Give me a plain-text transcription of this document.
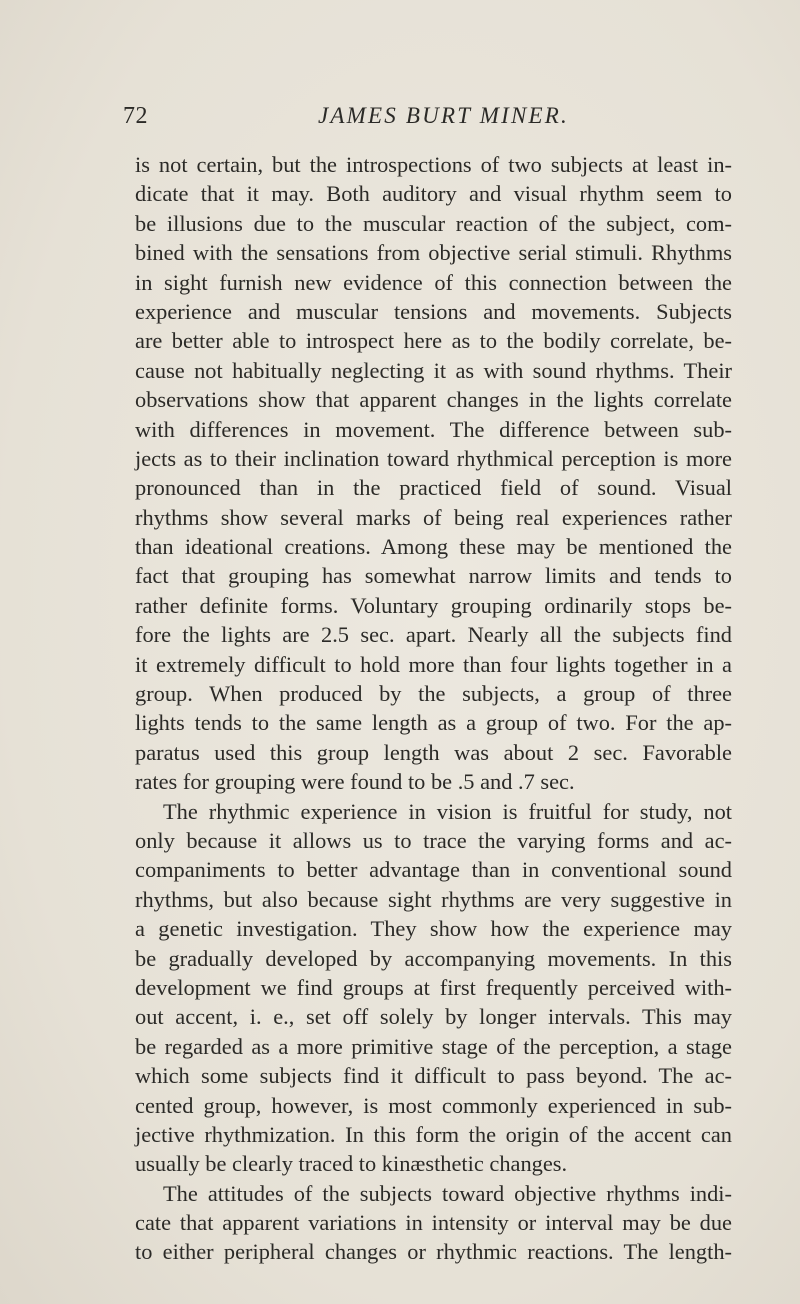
72	JAMES BURT MINER.
is not certain, but the introspections of two subjects at least in-
dicate that it may. Both auditory and visual rhythm seem to
be illusions due to the muscular reaction of the subject, com-
bined with the sensations from objective serial stimuli. Rhythms
in sight furnish new evidence of this connection between the
experience and muscular tensions and movements. Subjects
are better able to introspect here as to the bodily correlate, be-
cause not habitually neglecting it as with sound rhythms. Their
observations show that apparent changes in the lights correlate
with differences in movement. The difference between sub-
jects as to their inclination toward rhythmical perception is more
pronounced than in the practiced field of sound. Visual
rhythms show several marks of being real experiences rather
than ideational creations. Among these may be mentioned the
fact that grouping has somewhat narrow limits and tends to
rather definite forms. Voluntary grouping ordinarily stops be-
fore the lights are 2.5 sec. apart. Nearly all the subjects find
it extremely difficult to hold more than four lights together in a
group. When produced by the subjects, a group of three
lights tends to the same length as a group of two. For the ap-
paratus used this group length was about 2 sec. Favorable
rates for grouping were found to be .5 and .7 sec.
The rhythmic experience in vision is fruitful for study, not
only because it allows us to trace the varying forms and ac-
companiments to better advantage than in conventional sound
rhythms, but also because sight rhythms are very suggestive in
a genetic investigation. They show how the experience may
be gradually developed by accompanying movements. In this
development we find groups at first frequently perceived with-
out accent, i. e., set off solely by longer intervals. This may
be regarded as a more primitive stage of the perception, a stage
which some subjects find it difficult to pass beyond. The ac-
cented group, however, is most commonly experienced in sub-
jective rhythmization. In this form the origin of the accent can
usually be clearly traced to kinæsthetic changes.
The attitudes of the subjects toward objective rhythms indi-
cate that apparent variations in intensity or interval may be due
to either peripheral changes or rhythmic reactions. The length-
